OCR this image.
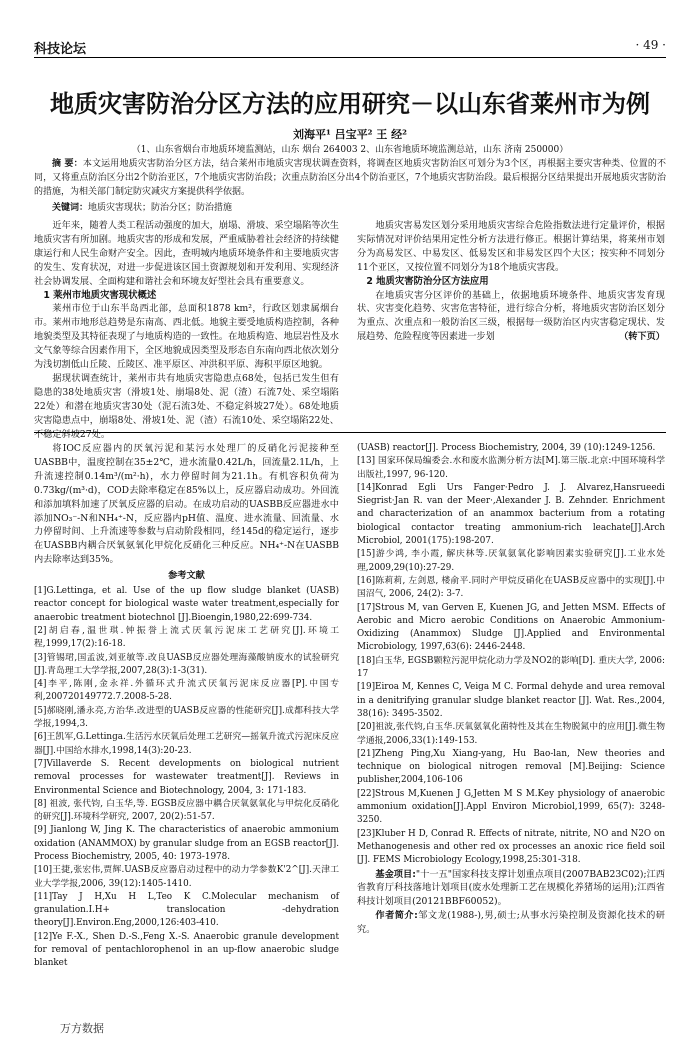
科技论坛	· 49 ·
地质灾害防治分区方法的应用研究－以山东省莱州市为例
刘海平¹ 吕宝平² 王 经²
（1、山东省烟台市地质环境监测站，山东 烟台 264003 2、山东省地质环境监测总站，山东 济南 250000）
摘 要：本文运用地质灾害防治分区方法，结合莱州市地质灾害现状调查资料，将调查区地质灾害防治区可划分为3个区，再根据主要灾害种类、位置的不同，又将重点防治区分出2个防治亚区，7个地质灾害防治段；次重点防治区分出4个防治亚区，7个地质灾害防治段。最后根据分区结果提出开展地质灾害防治的措施，为相关部门制定防灾减灾方案提供科学依据。
关键词：地质灾害现状；防治分区；防治措施

近年来，随着人类工程活动强度的加大，崩塌、滑坡、采空塌陷等次生地质灾害有所加剧。地质灾害的形成和发展，严重威胁着社会经济的持续健康运行和人民生命财产安全。因此，查明城内地质环境条件和主要地质灾害的发生、发育状况，对进一步促进该区国土资源规划和开发利用、实现经济社会协调发展、全面构建和谐社会和环境友好型社会具有重要意义。

1 莱州市地质灾害现状概述

莱州市位于山东半岛西北部，总面积1878 km²，行政区划隶属烟台市。莱州市地形总趋势是东南高、西北低。地貌主要受地质构造控制，各种地貌类型及其特征表现了与地质构造的一致性。在地质构造、地层岩性及水文气象等综合因素作用下，全区地貌成因类型及形态自东南向西北依次划分为浅切割低山丘陵、丘陵区、准平原区、冲洪积平原、海积平原区地貌。

据现状调查统计，莱州市共有地质灾害隐患点68处，包括已发生但有隐患的38处地质灾害（滑坡1处、崩塌8处、泥（渣）石流7处、采空塌陷22处）和潜在地质灾害30处（泥石流3处、不稳定斜坡27处）。68处地质灾害隐患点中，崩塌8处、滑坡1处、泥（渣）石流10处、采空塌陷22处、不稳定斜坡27处。

地质灾害易发区划分采用地质灾害综合危险指数法进行定量评价，根据实际情况对评价结果用定性分析方法进行修正。根据计算结果，将莱州市划分为高易发区、中易发区、低易发区和非易发区四个大区；按实种不同划分11个亚区，又按位置不同划分为18个地质灾害段。

2 地质灾害防治分区方法应用

在地质灾害分区评价的基础上，依据地质环境条件、地质灾害发育现状、灾害变化趋势、灾害危害特征，进行综合分析，将地质灾害防治区划分为重点、次重点和一般防治区三级，根据每一级防治区内灾害稳定现状、发展趋势、危险程度等因素进一步划	（转下页）

将IOC反应器内的厌氧污泥和某污水处理厂的反硝化污泥接种至UASBB中，温度控制在35±2℃，进水流量0.42L/h，回流量2.1L/h，上升流速控制0.14m³/(m²·h)，水力停留时间为21.1h。有机容积负荷为0.73kg/(m³·d)，COD去除率稳定在85%以上，反应器启动成功。外回流和添加填料加速了厌氧反应器的启动。在成功启动的UASBB反应器进水中添加NO₃⁻-N和NH₄⁺-N，反应器内pH值、温度、进水流量、回流量、水力停留时间、上升流速等参数与启动阶段相同，经145d的稳定运行，逐步在UASBB内耦合厌氧氨氧化甲烷化反硝化三种反应。NH₄⁺-N在UASBB内去除率达到35%。

参考文献

[1]G.Lettinga, et al. Use of the up flow sludge blanket (UASB) reactor concept for biological waste water treatment,especially for anaerobic treatment biotechnol [J].Bioengin,1980,22:699-734.

[2]胡启春,温世琪.钟振誉上流式厌氧污泥床工艺研究[J].环境工程,1999,17(2):16-18.

[3]管锡珺,国孟波,刘亚敏等.改良UASB反应器处理海藻酸钠废水的试验研究[J].青岛理工大学学报,2007,28(3):1-3(31).

[4]李平,陈刚,金永祥.外循环式升流式厌氧污泥床反应器[P].中国专利,200720149772.7.2008-5-28.

[5]郝晓刚,潘永亮,方治华.改进型的UASB反应器的性能研究[J].成都科技大学学报,1994,3.

[6]王凯军,G.Lettinga.生活污水厌氧后处理工艺研究—摇氧升流式污泥床反应器[J].中国给水排水,1998,14(3):20-23.

[7]Villaverde S. Recent developments on biological nutrient removal processes for wastewater treatment[J]. Reviews in Environmental Science and Biotechnology, 2004, 3: 171-183.

[8] 祖波, 张代钧, 白玉华,等. EGSB反应器中耦合厌氧氨氧化与甲烷化反硝化的研究[J].环境科学研究, 2007, 20(2):51-57.

[9] Jianlong W, Jing K. The characteristics of anaerobic ammonium oxidation (ANAMMOX) by granular sludge from an EGSB reactor[J]. Process Biochemistry, 2005, 40: 1973-1978.

[10]王捷,张宏伟,贾辉.UASB反应器启动过程中的动力学参数K'2^[J].天津工业大学学报,2006, 39(12):1405-1410.

[11]Tay J H,Xu H L,Teo K C.Molecular mechanism of granulation.I.H+ translocation -dehydration theory[J].Environ.Eng,2000,126:403-410.

[12]Ye F.-X., Shen D.-S.,Feng X.-S. Anaerobic granule development for removal of pentachlorophenol in an up-flow anaerobic sludge blanket

(UASB) reactor[J]. Process Biochemistry, 2004, 39 (10):1249-1256.

[13] 国家环保局编委会.水和废水监测分析方法[M].第三版.北京:中国环境科学出版社,1997, 96-120.

[14]Konrad Egli Urs Fanger·Pedro J. J. Alvarez,Hansrueedi Siegrist·Jan R. van der Meer·,Alexander J. B. Zehnder. Enrichment and characterization of an anammox bacterium from a rotating biological contactor treating ammonium-rich leachate[J].Arch Microbiol, 2001(175):198-207.

[15]游少鸿, 李小霞, 解庆林等.厌氧氨氧化影响因素实验研究[J].工业水处理,2009,29(10):27-29.

[16]陈莉莉, 左剑恩, 楼俞平.同时产甲烷反硝化在UASB反应器中的实现[J].中国沼气, 2006, 24(2): 3-7.

[17]Strous M, van Gerven E, Kuenen JG, and Jetten MSM. Effects of Aerobic and Micro aerobic Conditions on Anaerobic Ammonium-Oxidizing (Anammox) Sludge [J].Applied and Environmental Microbiology, 1997,63(6): 2446-2448.

[18]白玉华, EGSB颗粒污泥甲烷化动力学及NO2的影响[D]. 重庆大学, 2006: 17

[19]Eiroa M, Kennes C, Veiga M C. Formal dehyde and urea removal in a denitrifying granular sludge blanket reactor [J]. Wat. Res.,2004, 38(16): 3495-3502.

[20]祖波,张代钧,白玉华.厌氧氨氧化菌特性及其在生物脱氮中的应用[J].微生物学通报,2006,33(1):149-153.

[21]Zheng Ping,Xu Xiang-yang, Hu Bao-lan, New theories and technique on biological nitrogen removal [M].Beijing: Science publisher,2004,106-106

[22]Strous M,Kuenen J G,Jetten M S M.Key physiology of anaerobic ammonium oxidation[J].Appl Environ Microbiol,1999, 65(7): 3248-3250.

[23]Kluber H D, Conrad R. Effects of nitrate, nitrite, NO and N2O on Methanogenesis and other red ox processes an anoxic rice field soil [J]. FEMS Microbiology Ecology,1998,25:301-318.

基金项目:"十一五"国家科技支撑计划重点项目(2007BAB23C02);江西省教育厅科技落地计划项目(废水处理新工艺在规模化养猪场的运用);江西省科技计划项目(20121BBF60052)。

作者简介:邹文龙(1988-),男,硕士;从事水污染控制及资源化技术的研究。

万方数据
